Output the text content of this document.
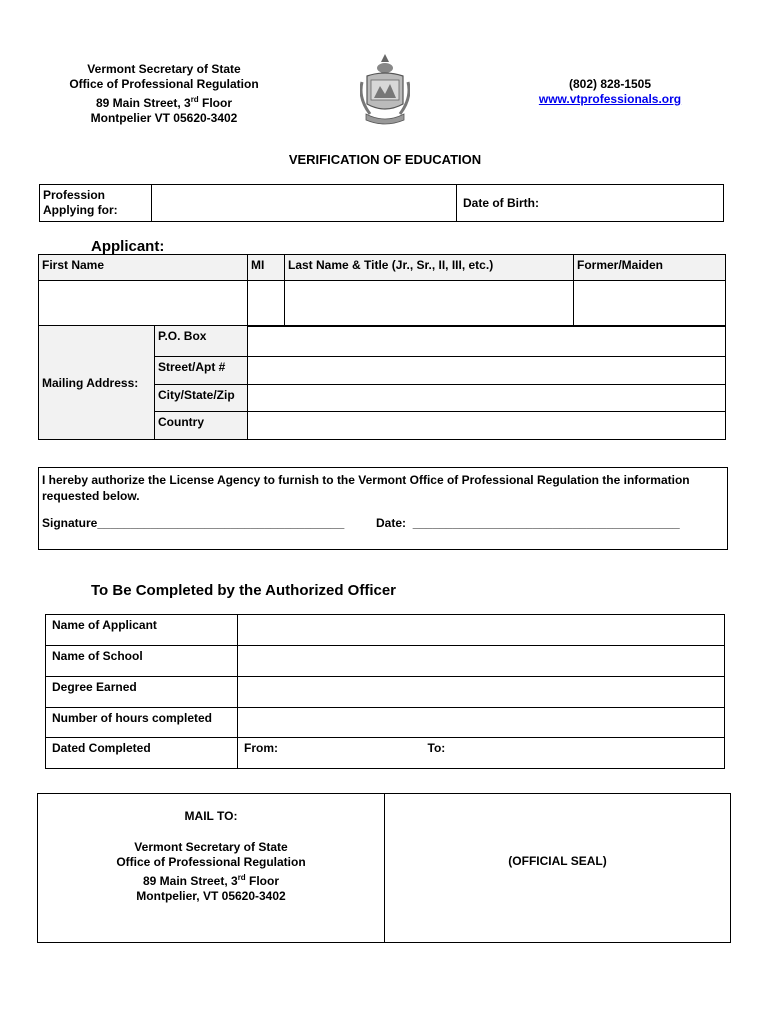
Vermont Secretary of State
Office of Professional Regulation
89 Main Street, 3rd Floor
Montpelier VT 05620-3402
(802) 828-1505
www.vtprofessionals.org
VERIFICATION OF EDUCATION
Profession
Applying for:		Date of Birth:
Applicant:
First Name	MI	Last Name & Title (Jr., Sr., II, III, etc.)	Former/Maiden

Mailing Address:	P.O. Box	
	Street/Apt #	
	City/State/Zip	
	Country	
I hereby authorize the License Agency to furnish to the Vermont Office of Professional Regulation the information requested below.
Signature_____________________________________	Date: ________________________________________
To Be Completed by the Authorized Officer
Name of Applicant		
Name of School		
Degree Earned		
Number of hours completed		
Dated Completed	From:	To:
MAIL TO:
Vermont Secretary of State
Office of Professional Regulation
89 Main Street, 3rd Floor
Montpelier, VT 05620-3402
(OFFICIAL SEAL)
